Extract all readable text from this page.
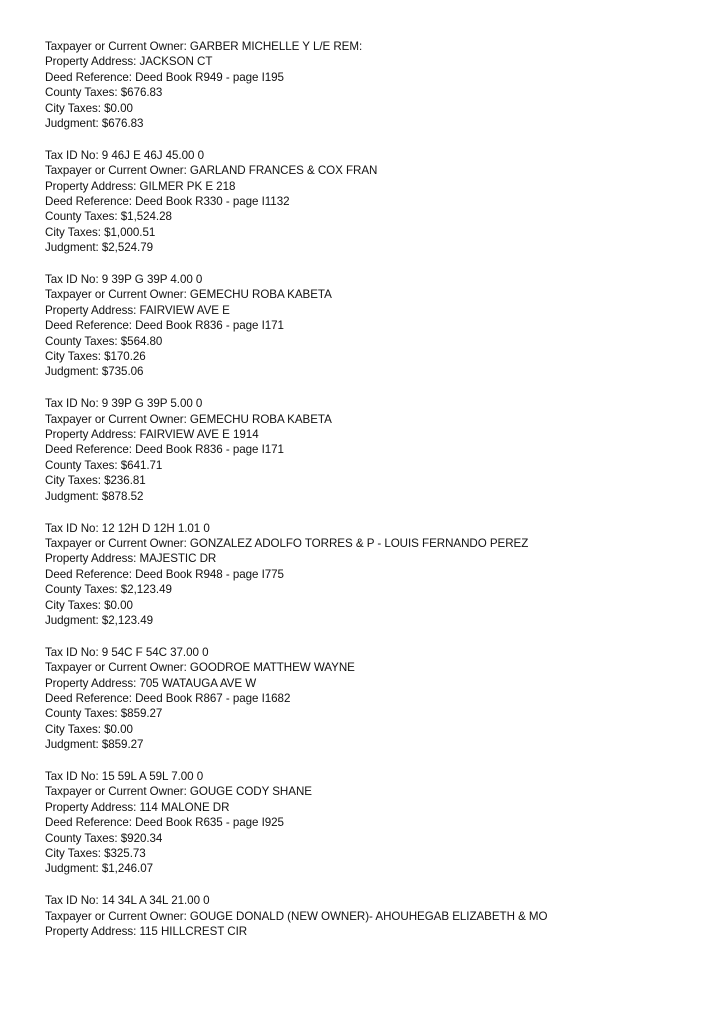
Taxpayer or Current Owner: GARBER MICHELLE Y L/E REM:
Property Address: JACKSON CT
Deed Reference: Deed Book R949 - page I195
County Taxes: $676.83
City Taxes: $0.00
Judgment: $676.83
Tax ID No: 9 46J E 46J 45.00 0
Taxpayer or Current Owner: GARLAND FRANCES & COX FRAN
Property Address: GILMER PK E 218
Deed Reference: Deed Book R330 - page I1132
County Taxes: $1,524.28
City Taxes: $1,000.51
Judgment: $2,524.79
Tax ID No: 9 39P G 39P 4.00 0
Taxpayer or Current Owner: GEMECHU ROBA KABETA
Property Address: FAIRVIEW AVE E
Deed Reference: Deed Book R836 - page I171
County Taxes: $564.80
City Taxes: $170.26
Judgment: $735.06
Tax ID No: 9 39P G 39P 5.00 0
Taxpayer or Current Owner: GEMECHU ROBA KABETA
Property Address: FAIRVIEW AVE E 1914
Deed Reference: Deed Book R836 - page I171
County Taxes: $641.71
City Taxes: $236.81
Judgment: $878.52
Tax ID No: 12 12H D 12H 1.01 0
Taxpayer or Current Owner: GONZALEZ ADOLFO TORRES & P - LOUIS FERNANDO PEREZ
Property Address: MAJESTIC DR
Deed Reference: Deed Book R948 - page I775
County Taxes: $2,123.49
City Taxes: $0.00
Judgment: $2,123.49
Tax ID No: 9 54C F 54C 37.00 0
Taxpayer or Current Owner: GOODROE MATTHEW WAYNE
Property Address: 705 WATAUGA AVE W
Deed Reference: Deed Book R867 - page I1682
County Taxes: $859.27
City Taxes: $0.00
Judgment: $859.27
Tax ID No: 15 59L A 59L 7.00 0
Taxpayer or Current Owner: GOUGE CODY SHANE
Property Address: 114 MALONE DR
Deed Reference: Deed Book R635 - page I925
County Taxes: $920.34
City Taxes: $325.73
Judgment: $1,246.07
Tax ID No: 14 34L A 34L 21.00 0
Taxpayer or Current Owner: GOUGE DONALD (NEW OWNER)- AHOUHEGAB ELIZABETH & MO
Property Address: 115 HILLCREST CIR
